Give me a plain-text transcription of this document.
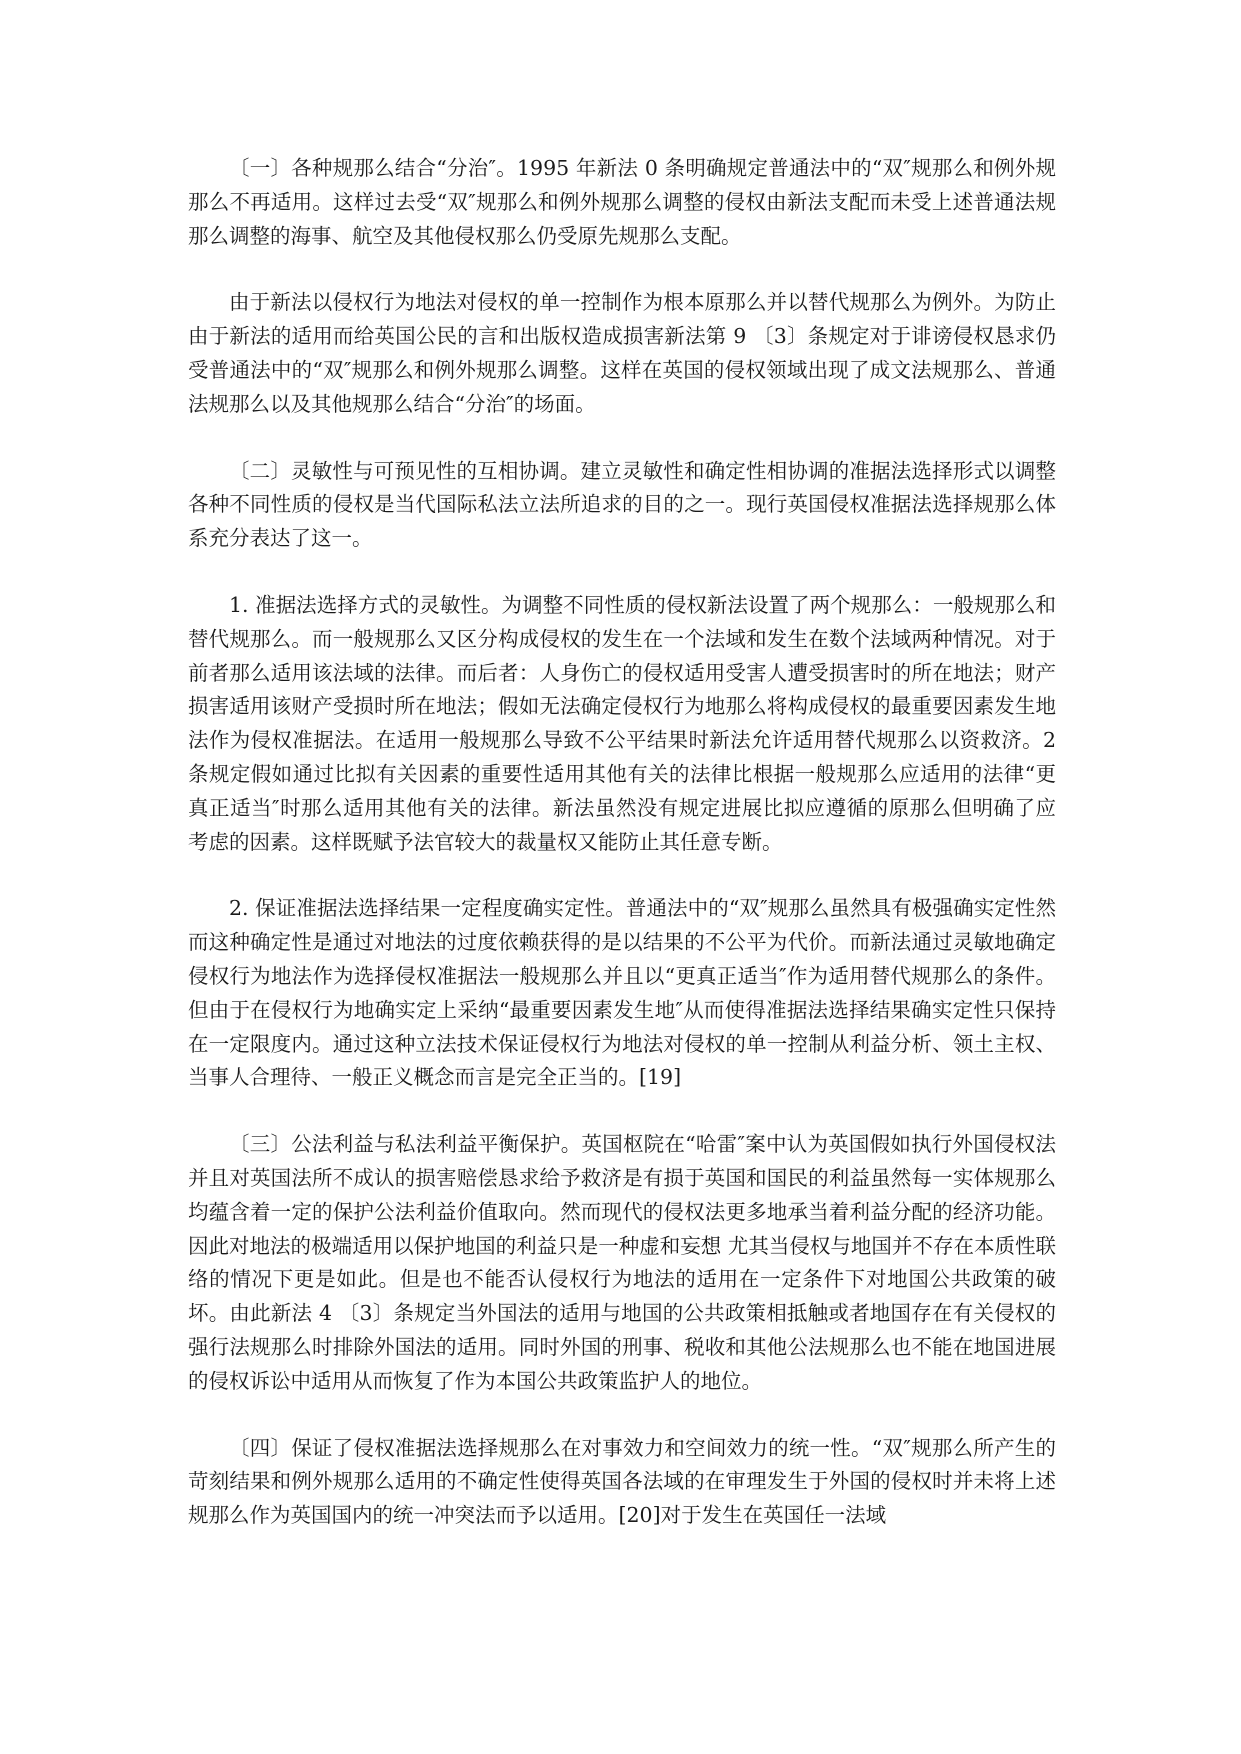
〔一〕各种规那么结合“分治″。1995 年新法 0 条明确规定普通法中的“双″规那么和例外规那么不再适用。这样过去受“双″规那么和例外规那么调整的侵权由新法支配而未受上述普通法规那么调整的海事、航空及其他侵权那么仍受原先规那么支配。

由于新法以侵权行为地法对侵权的单一控制作为根本原那么并以替代规那么为例外。为防止由于新法的适用而给英国公民的言和出版权造成损害新法第 9 〔3〕条规定对于诽谤侵权恳求仍受普通法中的“双″规那么和例外规那么调整。这样在英国的侵权领域出现了成文法规那么、普通法规那么以及其他规那么结合“分治″的场面。

〔二〕灵敏性与可预见性的互相协调。建立灵敏性和确定性相协调的准据法选择形式以调整各种不同性质的侵权是当代国际私法立法所追求的目的之一。现行英国侵权准据法选择规那么体系充分表达了这一。

1. 准据法选择方式的灵敏性。为调整不同性质的侵权新法设置了两个规那么：一般规那么和替代规那么。而一般规那么又区分构成侵权的发生在一个法域和发生在数个法域两种情况。对于前者那么适用该法域的法律。而后者：人身伤亡的侵权适用受害人遭受损害时的所在地法；财产损害适用该财产受损时所在地法；假如无法确定侵权行为地那么将构成侵权的最重要因素发生地法作为侵权准据法。在适用一般规那么导致不公平结果时新法允许适用替代规那么以资救济。2 条规定假如通过比拟有关因素的重要性适用其他有关的法律比根据一般规那么应适用的法律“更真正适当″时那么适用其他有关的法律。新法虽然没有规定进展比拟应遵循的原那么但明确了应考虑的因素。这样既赋予法官较大的裁量权又能防止其任意专断。

2. 保证准据法选择结果一定程度确实定性。普通法中的“双″规那么虽然具有极强确实定性然而这种确定性是通过对地法的过度依赖获得的是以结果的不公平为代价。而新法通过灵敏地确定侵权行为地法作为选择侵权准据法一般规那么并且以“更真正适当″作为适用替代规那么的条件。但由于在侵权行为地确实定上采纳“最重要因素发生地″从而使得准据法选择结果确实定性只保持在一定限度内。通过这种立法技术保证侵权行为地法对侵权的单一控制从利益分析、领土主权、当事人合理待、一般正义概念而言是完全正当的。[19]

〔三〕公法利益与私法利益平衡保护。英国枢院在“哈雷″案中认为英国假如执行外国侵权法并且对英国法所不成认的损害赔偿恳求给予救济是有损于英国和国民的利益虽然每一实体规那么均蕴含着一定的保护公法利益价值取向。然而现代的侵权法更多地承当着利益分配的经济功能。因此对地法的极端适用以保护地国的利益只是一种虚和妄想 尤其当侵权与地国并不存在本质性联络的情况下更是如此。但是也不能否认侵权行为地法的适用在一定条件下对地国公共政策的破坏。由此新法 4 〔3〕条规定当外国法的适用与地国的公共政策相抵触或者地国存在有关侵权的强行法规那么时排除外国法的适用。同时外国的刑事、税收和其他公法规那么也不能在地国进展的侵权诉讼中适用从而恢复了作为本国公共政策监护人的地位。

〔四〕保证了侵权准据法选择规那么在对事效力和空间效力的统一性。“双″规那么所产生的苛刻结果和例外规那么适用的不确定性使得英国各法域的在审理发生于外国的侵权时并未将上述规那么作为英国国内的统一冲突法而予以适用。[20]对于发生在英国任一法域
